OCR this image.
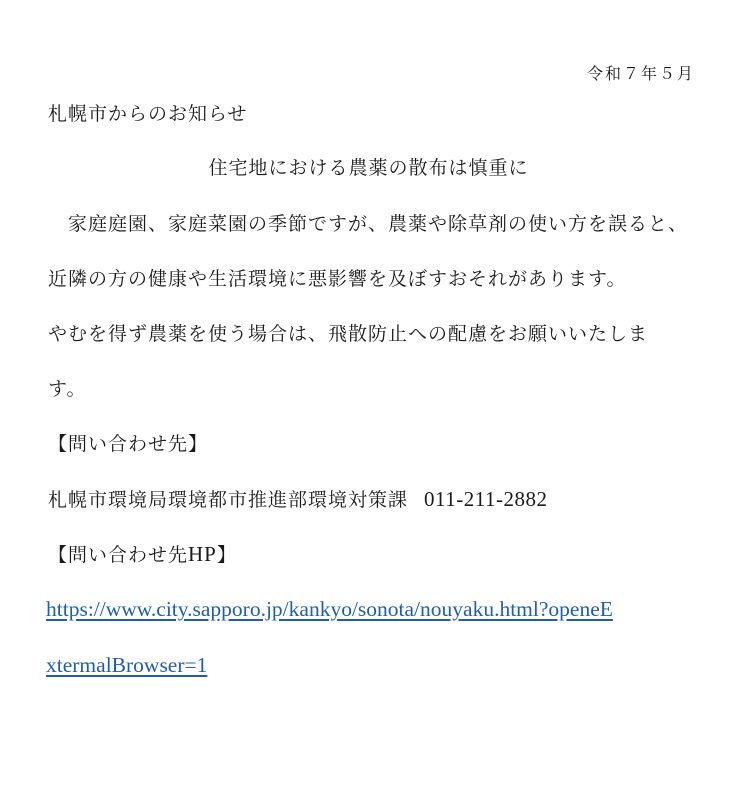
令和７年５月
札幌市からのお知らせ
住宅地における農薬の散布は慎重に
　家庭庭園、家庭菜園の季節ですが、農薬や除草剤の使い方を誤ると、
近隣の方の健康や生活環境に悪影響を及ぼすおそれがあります。
やむを得ず農薬を使う場合は、飛散防止への配慮をお願いいたしま
す。
【問い合わせ先】
札幌市環境局環境都市推進部環境対策課 011-211-2882
【問い合わせ先HP】
https://www.city.sapporo.jp/kankyo/sonota/nouyaku.html?openeE
xtermalBrowser=1
